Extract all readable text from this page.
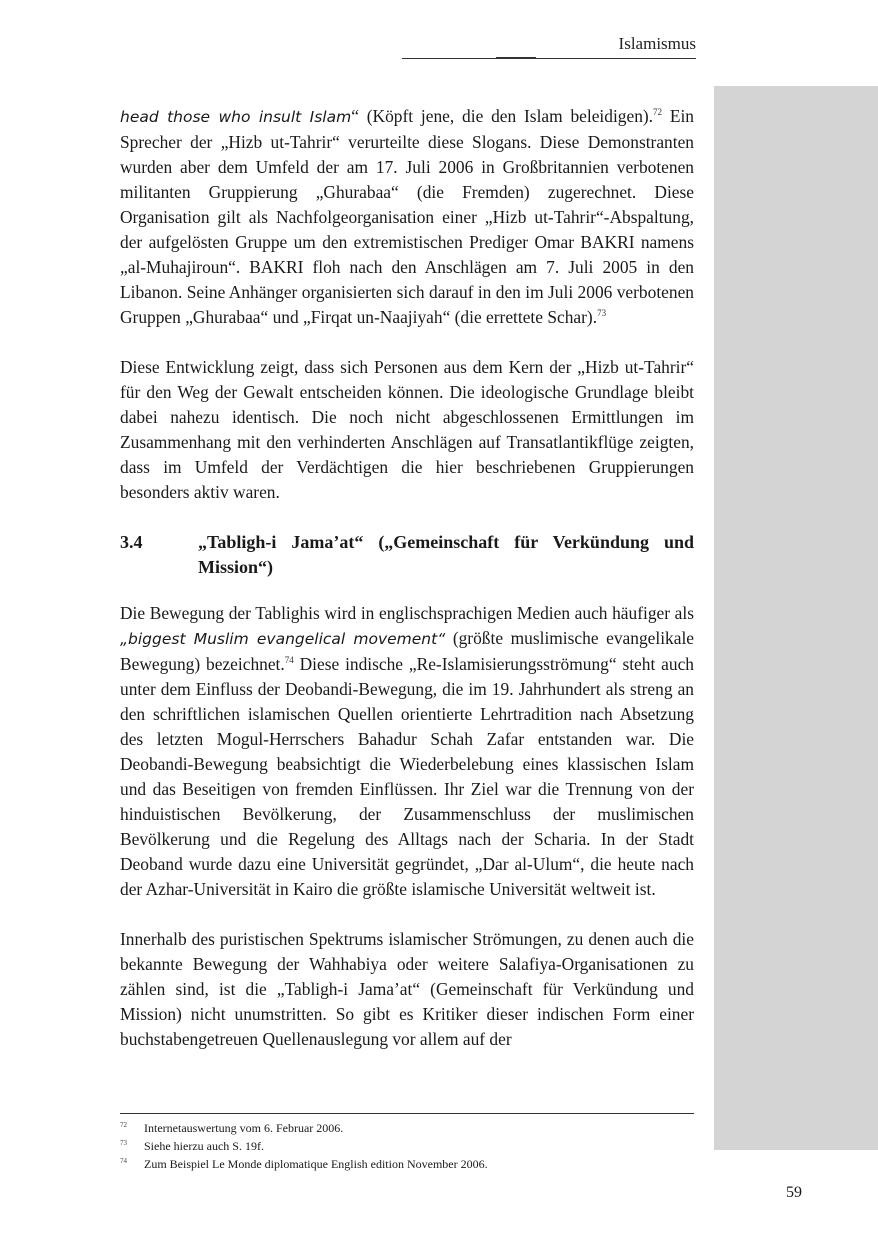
Islamismus

head those who insult Islam“ (Köpft jene, die den Islam beleidigen).$^{72}$ Ein Sprecher der „Hizb ut-Tahrir“ verurteilte diese Slogans. Diese Demonstranten wurden aber dem Umfeld der am 17. Juli 2006 in Großbritannien verbotenen militanten Gruppierung „Ghurabaa“ (die Fremden) zugerechnet. Diese Organisation gilt als Nachfolgeorganisation einer „Hizb ut-Tahrir“-Abspaltung, der aufgelösten Gruppe um den extremistischen Prediger Omar BAKRI namens „al-Muhajiroun“. BAKRI floh nach den Anschlägen am 7. Juli 2005 in den Libanon. Seine Anhänger organisierten sich darauf in den im Juli 2006 verbotenen Gruppen „Ghurabaa“ und „Firqat un-Naajiyah“ (die errettete Schar).$^{73}$

Diese Entwicklung zeigt, dass sich Personen aus dem Kern der „Hizb ut-Tahrir“ für den Weg der Gewalt entscheiden können. Die ideologische Grundlage bleibt dabei nahezu identisch. Die noch nicht abgeschlossenen Ermittlungen im Zusammenhang mit den verhinderten Anschlägen auf Transatlantikflüge zeigten, dass im Umfeld der Verdächtigen die hier beschriebenen Gruppierungen besonders aktiv waren.

3.4	„Tabligh-i Jama’at“ („Gemeinschaft für Verkündung und Mission“)

Die Bewegung der Tablighis wird in englischsprachigen Medien auch häufiger als „biggest Muslim evangelical movement“ (größte muslimische evangelikale Bewegung) bezeichnet.$^{74}$ Diese indische „Re-Islamisierungsströmung“ steht auch unter dem Einfluss der Deobandi-Bewegung, die im 19. Jahrhundert als streng an den schriftlichen islamischen Quellen orientierte Lehrtradition nach Absetzung des letzten Mogul-Herrschers Bahadur Schah Zafar entstanden war. Die Deobandi-Bewegung beabsichtigt die Wiederbelebung eines klassischen Islam und das Beseitigen von fremden Einflüssen. Ihr Ziel war die Trennung von der hinduistischen Bevölkerung, der Zusammenschluss der muslimischen Bevölkerung und die Regelung des Alltags nach der Scharia. In der Stadt Deoband wurde dazu eine Universität gegründet, „Dar al-Ulum“, die heute nach der Azhar-Universität in Kairo die größte islamische Universität weltweit ist.

Innerhalb des puristischen Spektrums islamischer Strömungen, zu denen auch die bekannte Bewegung der Wahhabiya oder weitere Salafiya-Organisationen zu zählen sind, ist die „Tabligh-i Jama’at“ (Gemeinschaft für Verkündung und Mission) nicht unumstritten. So gibt es Kritiker dieser indischen Form einer buchstabengetreuen Quellenauslegung vor allem auf der

72	Internetauswertung vom 6. Februar 2006.
73	Siehe hierzu auch S. 19f.
74	Zum Beispiel Le Monde diplomatique English edition November 2006.
59
